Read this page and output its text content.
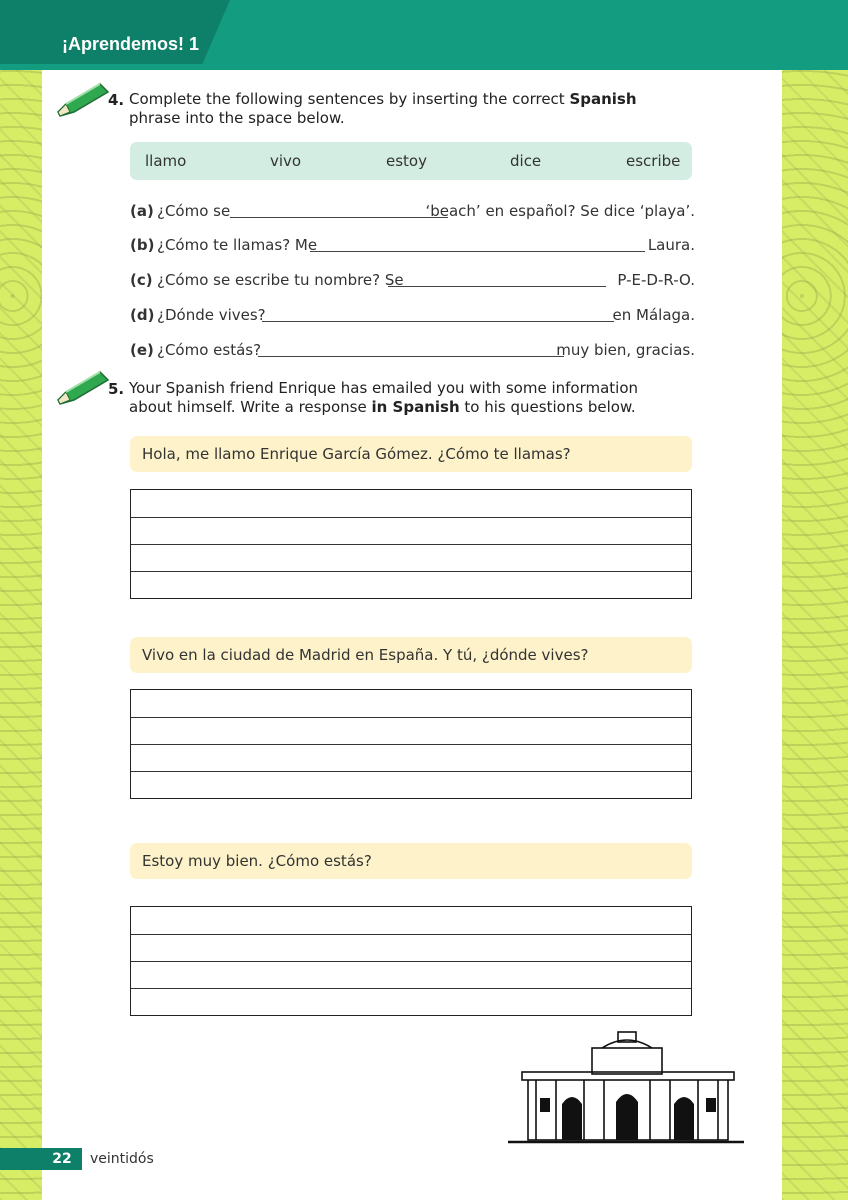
¡Aprendemos! 1
4. Complete the following sentences by inserting the correct Spanish phrase into the space below.
llamo	vivo	estoy	dice	escribe
(a) ¿Cómo se	‘beach’ en español? Se dice ‘playa’.
(b) ¿Cómo te llamas? Me	Laura.
(c) ¿Cómo se escribe tu nombre? Se	P-E-D-R-O.
(d) ¿Dónde vives?	en Málaga.
(e) ¿Cómo estás?	muy bien, gracias.
5. Your Spanish friend Enrique has emailed you with some information about himself. Write a response in Spanish to his questions below.
Hola, me llamo Enrique García Gómez. ¿Cómo te llamas?
Vivo en la ciudad de Madrid en España. Y tú, ¿dónde vives?
Estoy muy bien. ¿Cómo estás?
22	veintidós
